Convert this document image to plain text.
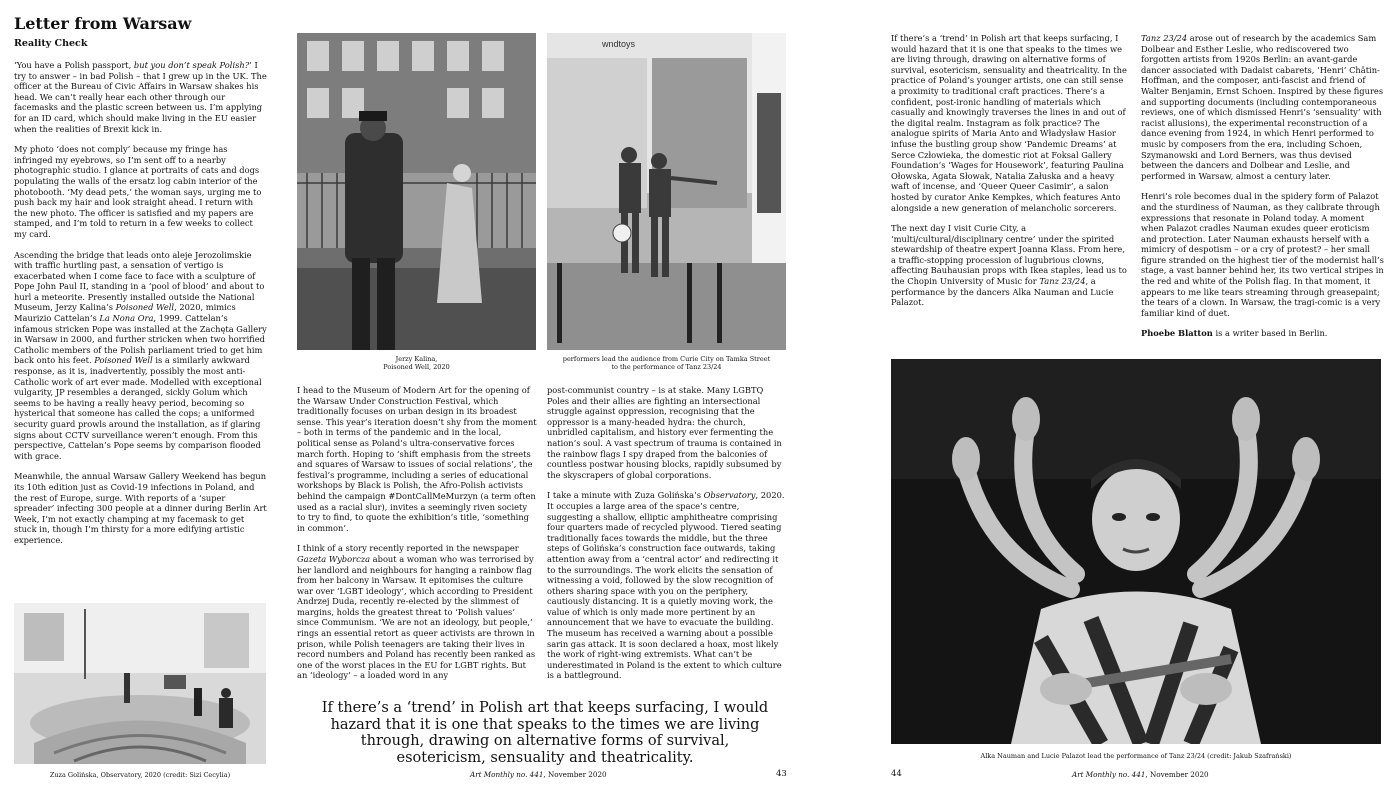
Letter from Warsaw
Reality Check

‘You have a Polish passport, but you don’t speak Polish?’ I try to answer – in bad Polish – that I grew up in the UK. The officer at the Bureau of Civic Affairs in Warsaw shakes his head. We can’t really hear each other through our facemasks and the plastic screen between us. I’m applying for an ID card, which should make living in the EU easier when the realities of Brexit kick in.

My photo ‘does not comply’ because my fringe has infringed my eyebrows, so I’m sent off to a nearby photographic studio. I glance at portraits of cats and dogs populating the walls of the ersatz log cabin interior of the photobooth. ‘My dead pets,’ the woman says, urging me to push back my hair and look straight ahead. I return with the new photo. The officer is satisfied and my papers are stamped, and I’m told to return in a few weeks to collect my card.

Ascending the bridge that leads onto aleje Jerozolimskie with traffic hurtling past, a sensation of vertigo is exacerbated when I come face to face with a sculpture of Pope John Paul II, standing in a ‘pool of blood’ and about to hurl a meteorite. Presently installed outside the National Museum, Jerzy Kalina’s Poisoned Well, 2020, mimics Maurizio Cattelan’s La Nona Ora, 1999. Cattelan’s infamous stricken Pope was installed at the Zachęta Gallery in Warsaw in 2000, and further stricken when two horrified Catholic members of the Polish parliament tried to get him back onto his feet. Poisoned Well is a similarly awkward response, as it is, inadvertently, possibly the most anti-Catholic work of art ever made. Modelled with exceptional vulgarity, JP resembles a deranged, sickly Golum which seems to be having a really heavy period, becoming so hysterical that someone has called the cops; a uniformed security guard prowls around the installation, as if glaring signs about CCTV surveillance weren’t enough. From this perspective, Cattelan’s Pope seems by comparison flooded with grace.

Meanwhile, the annual Warsaw Gallery Weekend has begun its 10th edition just as Covid-19 infections in Poland, and the rest of Europe, surge. With reports of a ‘super spreader’ infecting 300 people at a dinner during Berlin Art Week, I’m not exactly champing at my facemask to get stuck in, though I’m thirsty for a more edifying artistic experience.

Zuza Golińska, Observatory, 2020 (credit: Sizi Cecylia)
Jerzy Kalina,
Poisoned Well, 2020
wndtoys
performers lead the audience from Curie City on Tamka Street
to the performance of Tanz 23/24

I head to the Museum of Modern Art for the opening of the Warsaw Under Construction Festival, which traditionally focuses on urban design in its broadest sense. This year’s iteration doesn’t shy from the moment – both in terms of the pandemic and in the local, political sense as Poland’s ultra-conservative forces march forth. Hoping to ‘shift emphasis from the streets and squares of Warsaw to issues of social relations’, the festival’s programme, including a series of educational workshops by Black is Polish, the Afro-Polish activists behind the campaign #DontCallMeMurzyn (a term often used as a racial slur), invites a seemingly riven society to try to find, to quote the exhibition’s title, ‘something in common’.

I think of a story recently reported in the newspaper Gazeta Wyborcza about a woman who was terrorised by her landlord and neighbours for hanging a rainbow flag from her balcony in Warsaw. It epitomises the culture war over ‘LGBT ideology’, which according to President Andrzej Duda, recently re-elected by the slimmest of margins, holds the greatest threat to ‘Polish values’ since Communism. ‘We are not an ideology, but people,’ rings an essential retort as queer activists are thrown in prison, while Polish teenagers are taking their lives in record numbers and Poland has recently been ranked as one of the worst places in the EU for LGBT rights. But an ‘ideology’ – a loaded word in any

post-communist country – is at stake. Many LGBTQ Poles and their allies are fighting an intersectional struggle against oppression, recognising that the oppressor is a many-headed hydra: the church, unbridled capitalism, and history ever fermenting the nation’s soul. A vast spectrum of trauma is contained in the rainbow flags I spy draped from the balconies of countless postwar housing blocks, rapidly subsumed by the skyscrapers of global corporations.

I take a minute with Zuza Golińska’s Observatory, 2020. It occupies a large area of the space’s centre, suggesting a shallow, elliptic amphitheatre comprising four quarters made of recycled plywood. Tiered seating traditionally faces towards the middle, but the three steps of Golińska’s construction face outwards, taking attention away from a ‘central actor’ and redirecting it to the surroundings. The work elicits the sensation of witnessing a void, followed by the slow recognition of others sharing space with you on the periphery, cautiously distancing. It is a quietly moving work, the value of which is only made more pertinent by an announcement that we have to evacuate the building. The museum has received a warning about a possible sarin gas attack. It is soon declared a hoax, most likely the work of right-wing extremists. What can’t be underestimated in Poland is the extent to which culture is a battleground.

If there’s a ‘trend’ in Polish art that keeps surfacing, I would hazard that it is one that speaks to the times we are living through, drawing on alternative forms of survival, esotericism, sensuality and theatricality.
Art Monthly no. 441, November 2020	43

If there’s a ‘trend’ in Polish art that keeps surfacing, I would hazard that it is one that speaks to the times we are living through, drawing on alternative forms of survival, esotericism, sensuality and theatricality. In the practice of Poland’s younger artists, one can still sense a proximity to traditional craft practices. There’s a confident, post-ironic handling of materials which casually and knowingly traverses the lines in and out of the digital realm. Instagram as folk practice? The analogue spirits of Maria Anto and Władysław Hasior infuse the bustling group show ‘Pandemic Dreams’ at Serce Człowieka, the domestic riot at Foksal Gallery Foundation’s ‘Wages for Housework’, featuring Paulina Ołowska, Agata Słowak, Natalia Załuska and a heavy waft of incense, and ‘Queer Queer Casimir’, a salon hosted by curator Anke Kempkes, which features Anto alongside a new generation of melancholic sorcerers.

The next day I visit Curie City, a ‘multi/cultural/disciplinary centre’ under the spirited stewardship of theatre expert Joanna Klass. From here, a traffic-stopping procession of lugubrious clowns, affecting Bauhausian props with Ikea staples, lead us to the Chopin University of Music for Tanz 23/24, a performance by the dancers Alka Nauman and Lucie Palazot.

Tanz 23/24 arose out of research by the academics Sam Dolbear and Esther Leslie, who rediscovered two forgotten artists from 1920s Berlin: an avant-garde dancer associated with Dadaist cabarets, ‘Henri’ Châtin-Hoffman, and the composer, anti-fascist and friend of Walter Benjamin, Ernst Schoen. Inspired by these figures and supporting documents (including contemporaneous reviews, one of which dismissed Henri’s ‘sensuality’ with racist allusions), the experimental reconstruction of a dance evening from 1924, in which Henri performed to music by composers from the era, including Schoen, Szymanowski and Lord Berners, was thus devised between the dancers and Dolbear and Leslie, and performed in Warsaw, almost a century later.

Henri’s role becomes dual in the spidery form of Palazot and the sturdiness of Nauman, as they calibrate through expressions that resonate in Poland today. A moment when Palazot cradles Nauman exudes queer eroticism and protection. Later Nauman exhausts herself with a mimicry of despotism – or a cry of protest? – her small figure stranded on the highest tier of the modernist hall’s stage, a vast banner behind her, its two vertical stripes in the red and white of the Polish flag. In that moment, it appears to me like tears streaming through greasepaint; the tears of a clown. In Warsaw, the tragi-comic is a very familiar kind of duet.

Phoebe Blatton is a writer based in Berlin.

Alka Nauman and Lucie Palazot lead the performance of Tanz 23/24 (credit: Jakub Szafrański)
44	Art Monthly no. 441, November 2020
